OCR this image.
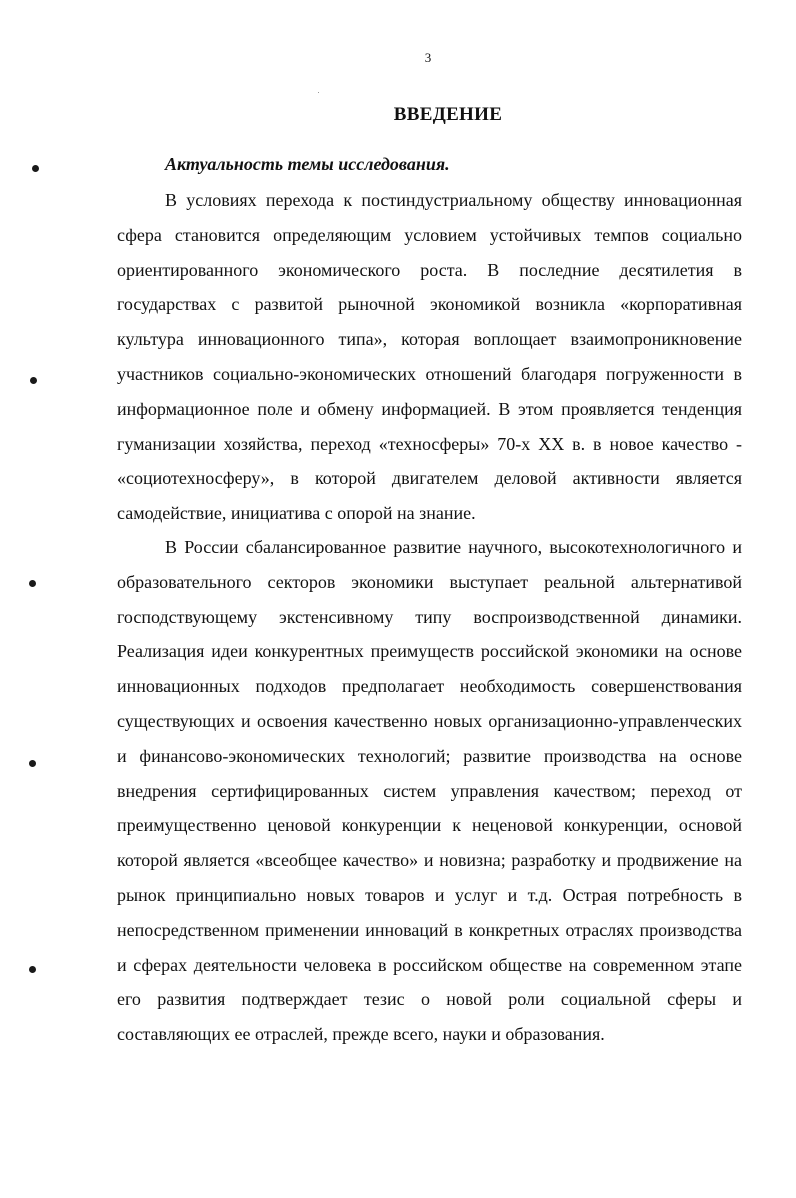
3
ВВЕДЕНИЕ
Актуальность темы исследования.

В условиях перехода к постиндустриальному обществу инновационная сфера становится определяющим условием устойчивых темпов социально ориентированного экономического роста. В последние десятилетия в государствах с развитой рыночной экономикой возникла «корпоративная культура инновационного типа», которая воплощает взаимопроникновение участников социально-экономических отношений благодаря погруженности в информационное поле и обмену информацией. В этом проявляется тенденция гуманизации хозяйства, переход «техносферы» 70-х XX в. в новое качество - «социотехносферу», в которой двигателем деловой активности является самодействие, инициатива с опорой на знание.

В России сбалансированное развитие научного, высокотехнологичного и образовательного секторов экономики выступает реальной альтернативой господствующему экстенсивному типу воспроизводственной динамики. Реализация идеи конкурентных преимуществ российской экономики на основе инновационных подходов предполагает необходимость совершенствования существующих и освоения качественно новых организационно-управленческих и финансово-экономических технологий; развитие производства на основе внедрения сертифицированных систем управления качеством; переход от преимущественно ценовой конкуренции к неценовой конкуренции, основой которой является «всеобщее качество» и новизна; разработку и продвижение на рынок принципиально новых товаров и услуг и т.д. Острая потребность в непосредственном применении инноваций в конкретных отраслях производства и сферах деятельности человека в российском обществе на современном этапе его развития подтверждает тезис о новой роли социальной сферы и составляющих ее отраслей, прежде всего, науки и образования.
